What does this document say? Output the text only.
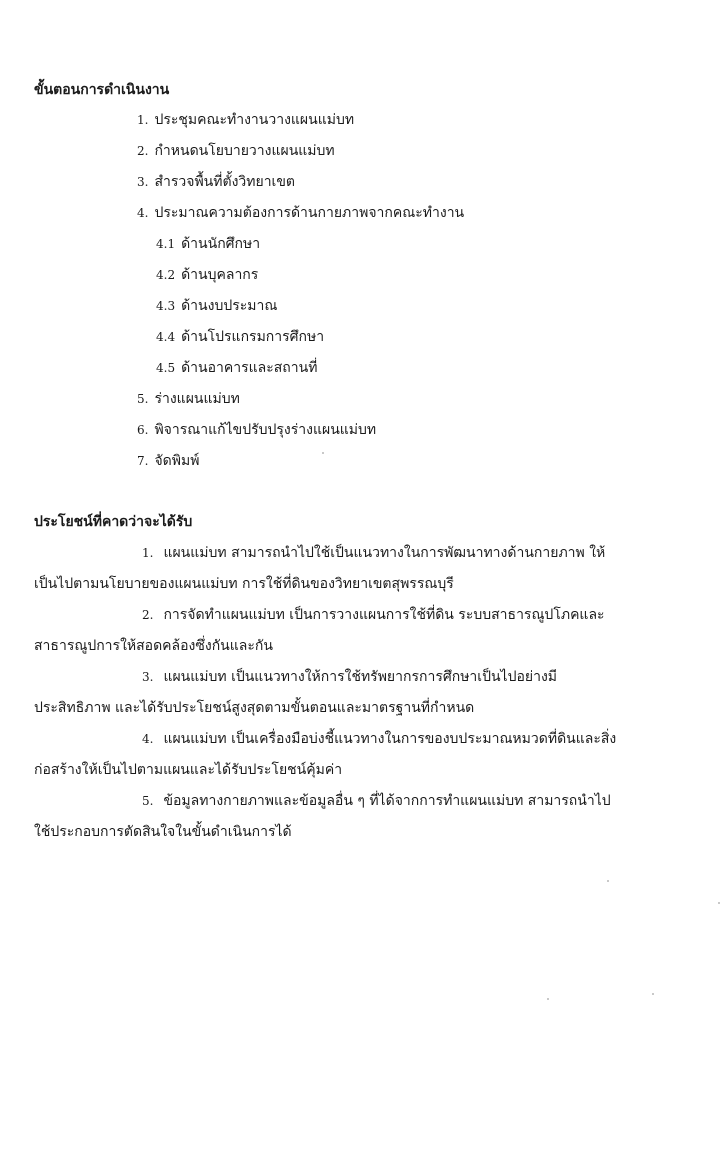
ขั้นตอนการดำเนินงาน
1. ประชุมคณะทำงานวางแผนแม่บท
2. กำหนดนโยบายวางแผนแม่บท
3. สำรวจพื้นที่ตั้งวิทยาเขต
4. ประมาณความต้องการด้านกายภาพจากคณะทำงาน
4.1 ด้านนักศึกษา
4.2 ด้านบุคลากร
4.3 ด้านงบประมาณ
4.4 ด้านโปรแกรมการศึกษา
4.5 ด้านอาคารและสถานที่
5. ร่างแผนแม่บท
6. พิจารณาแก้ไขปรับปรุงร่างแผนแม่บท
7. จัดพิมพ์
ประโยชน์ที่คาดว่าจะได้รับ
1. แผนแม่บท สามารถนำไปใช้เป็นแนวทางในการพัฒนาทางด้านกายภาพ ให้
เป็นไปตามนโยบายของแผนแม่บท การใช้ที่ดินของวิทยาเขตสุพรรณบุรี
2. การจัดทำแผนแม่บท เป็นการวางแผนการใช้ที่ดิน ระบบสาธารณูปโภคและ
สาธารณูปการให้สอดคล้องซึ่งกันและกัน
3. แผนแม่บท เป็นแนวทางให้การใช้ทรัพยากรการศึกษาเป็นไปอย่างมี
ประสิทธิภาพ และได้รับประโยชน์สูงสุดตามขั้นตอนและมาตรฐานที่กำหนด
4. แผนแม่บท เป็นเครื่องมือบ่งชี้แนวทางในการของบประมาณหมวดที่ดินและสิ่ง
ก่อสร้างให้เป็นไปตามแผนและได้รับประโยชน์คุ้มค่า
5. ข้อมูลทางกายภาพและข้อมูลอื่น ๆ ที่ได้จากการทำแผนแม่บท สามารถนำไป
ใช้ประกอบการตัดสินใจในขั้นดำเนินการได้
